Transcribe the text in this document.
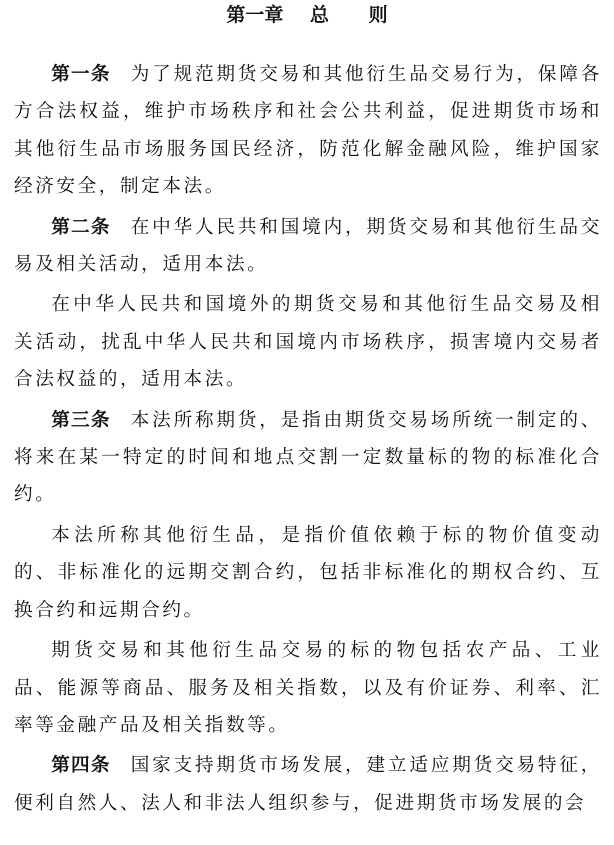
第一章    总      则

第一条 为了规范期货交易和其他衍生品交易行为，保障各方合法权益，维护市场秩序和社会公共利益，促进期货市场和其他衍生品市场服务国民经济，防范化解金融风险，维护国家经济安全，制定本法。

第二条 在中华人民共和国境内，期货交易和其他衍生品交易及相关活动，适用本法。

在中华人民共和国境外的期货交易和其他衍生品交易及相关活动，扰乱中华人民共和国境内市场秩序，损害境内交易者合法权益的，适用本法。

第三条 本法所称期货，是指由期货交易场所统一制定的、将来在某一特定的时间和地点交割一定数量标的物的标准化合约。

本法所称其他衍生品，是指价值依赖于标的物价值变动的、非标准化的远期交割合约，包括非标准化的期权合约、互换合约和远期合约。

期货交易和其他衍生品交易的标的物包括农产品、工业品、能源等商品、服务及相关指数，以及有价证券、利率、汇率等金融产品及相关指数等。

第四条 国家支持期货市场发展，建立适应期货交易特征，便利自然人、法人和非法人组织参与，促进期货市场发展的会
